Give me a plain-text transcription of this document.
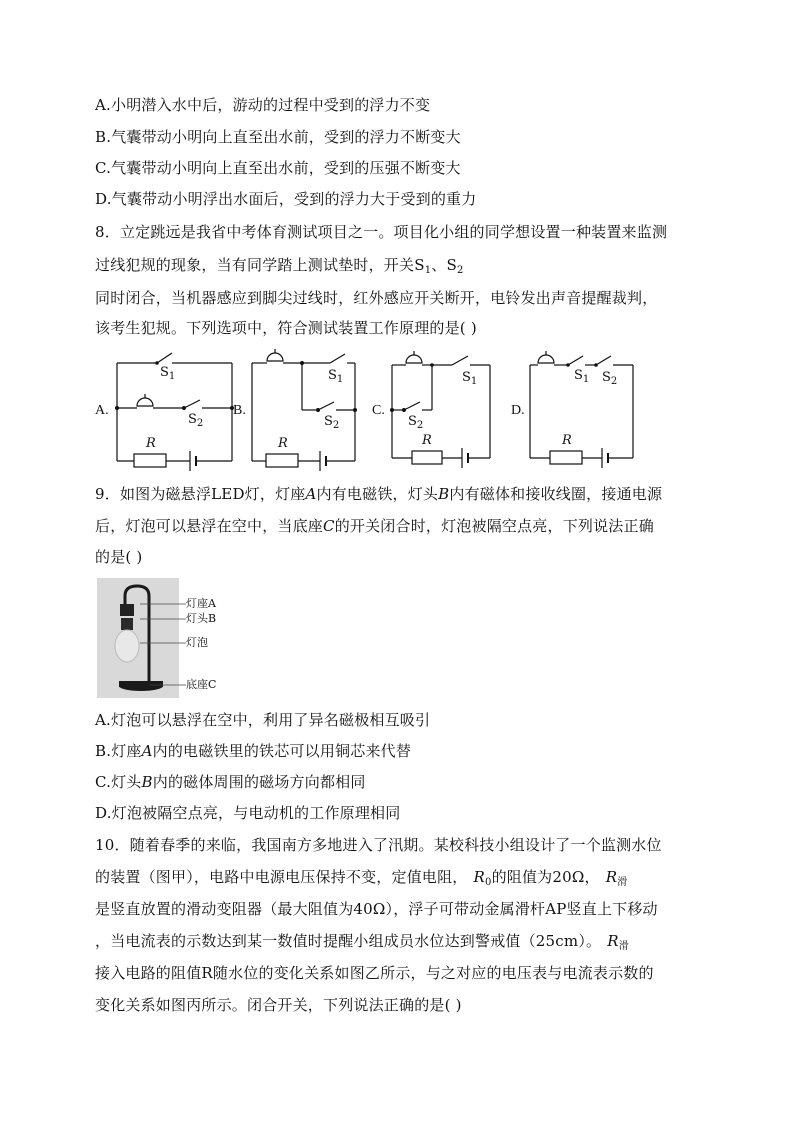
A.小明潜入水中后，游动的过程中受到的浮力不变
B.气囊带动小明向上直至出水前，受到的浮力不断变大
C.气囊带动小明向上直至出水前，受到的压强不断变大
D.气囊带动小明浮出水面后，受到的浮力大于受到的重力
8．立定跳远是我省中考体育测试项目之一。项目化小组的同学想设置一种装置来监测
过线犯规的现象，当有同学踏上测试垫时，开关$S_1$、$S_2$
同时闭合，当机器感应到脚尖过线时，红外感应开关断开，电铃发出声音提醒裁判，
该考生犯规。下列选项中，符合测试装置工作原理的是( )
A.
$S_1$
$S_2$
R
B.
$S_1$
$S_2$
R
C.
$S_1$
$S_2$
R
D.
$S_1$ $S_2$
R
9．如图为磁悬浮LED灯，灯座A内有电磁铁，灯头B内有磁体和接收线圈，接通电源
后，灯泡可以悬浮在空中，当底座C的开关闭合时，灯泡被隔空点亮，下列说法正确
的是( )
灯座A
灯头B
灯泡
底座C
A.灯泡可以悬浮在空中，利用了异名磁极相互吸引
B.灯座A内的电磁铁里的铁芯可以用铜芯来代替
C.灯头B内的磁体周围的磁场方向都相同
D.灯泡被隔空点亮，与电动机的工作原理相同
10．随着春季的来临，我国南方多地进入了汛期。某校科技小组设计了一个监测水位
的装置（图甲），电路中电源电压保持不变，定值电阻， $R_0$的阻值为20Ω， $R_滑$
是竖直放置的滑动变阻器（最大阻值为40Ω），浮子可带动金属滑杆AP竖直上下移动
，当电流表的示数达到某一数值时提醒小组成员水位达到警戒值（25cm）。 $R_滑$
接入电路的阻值R随水位的变化关系如图乙所示，与之对应的电压表与电流表示数的
变化关系如图丙所示。闭合开关，下列说法正确的是( )
